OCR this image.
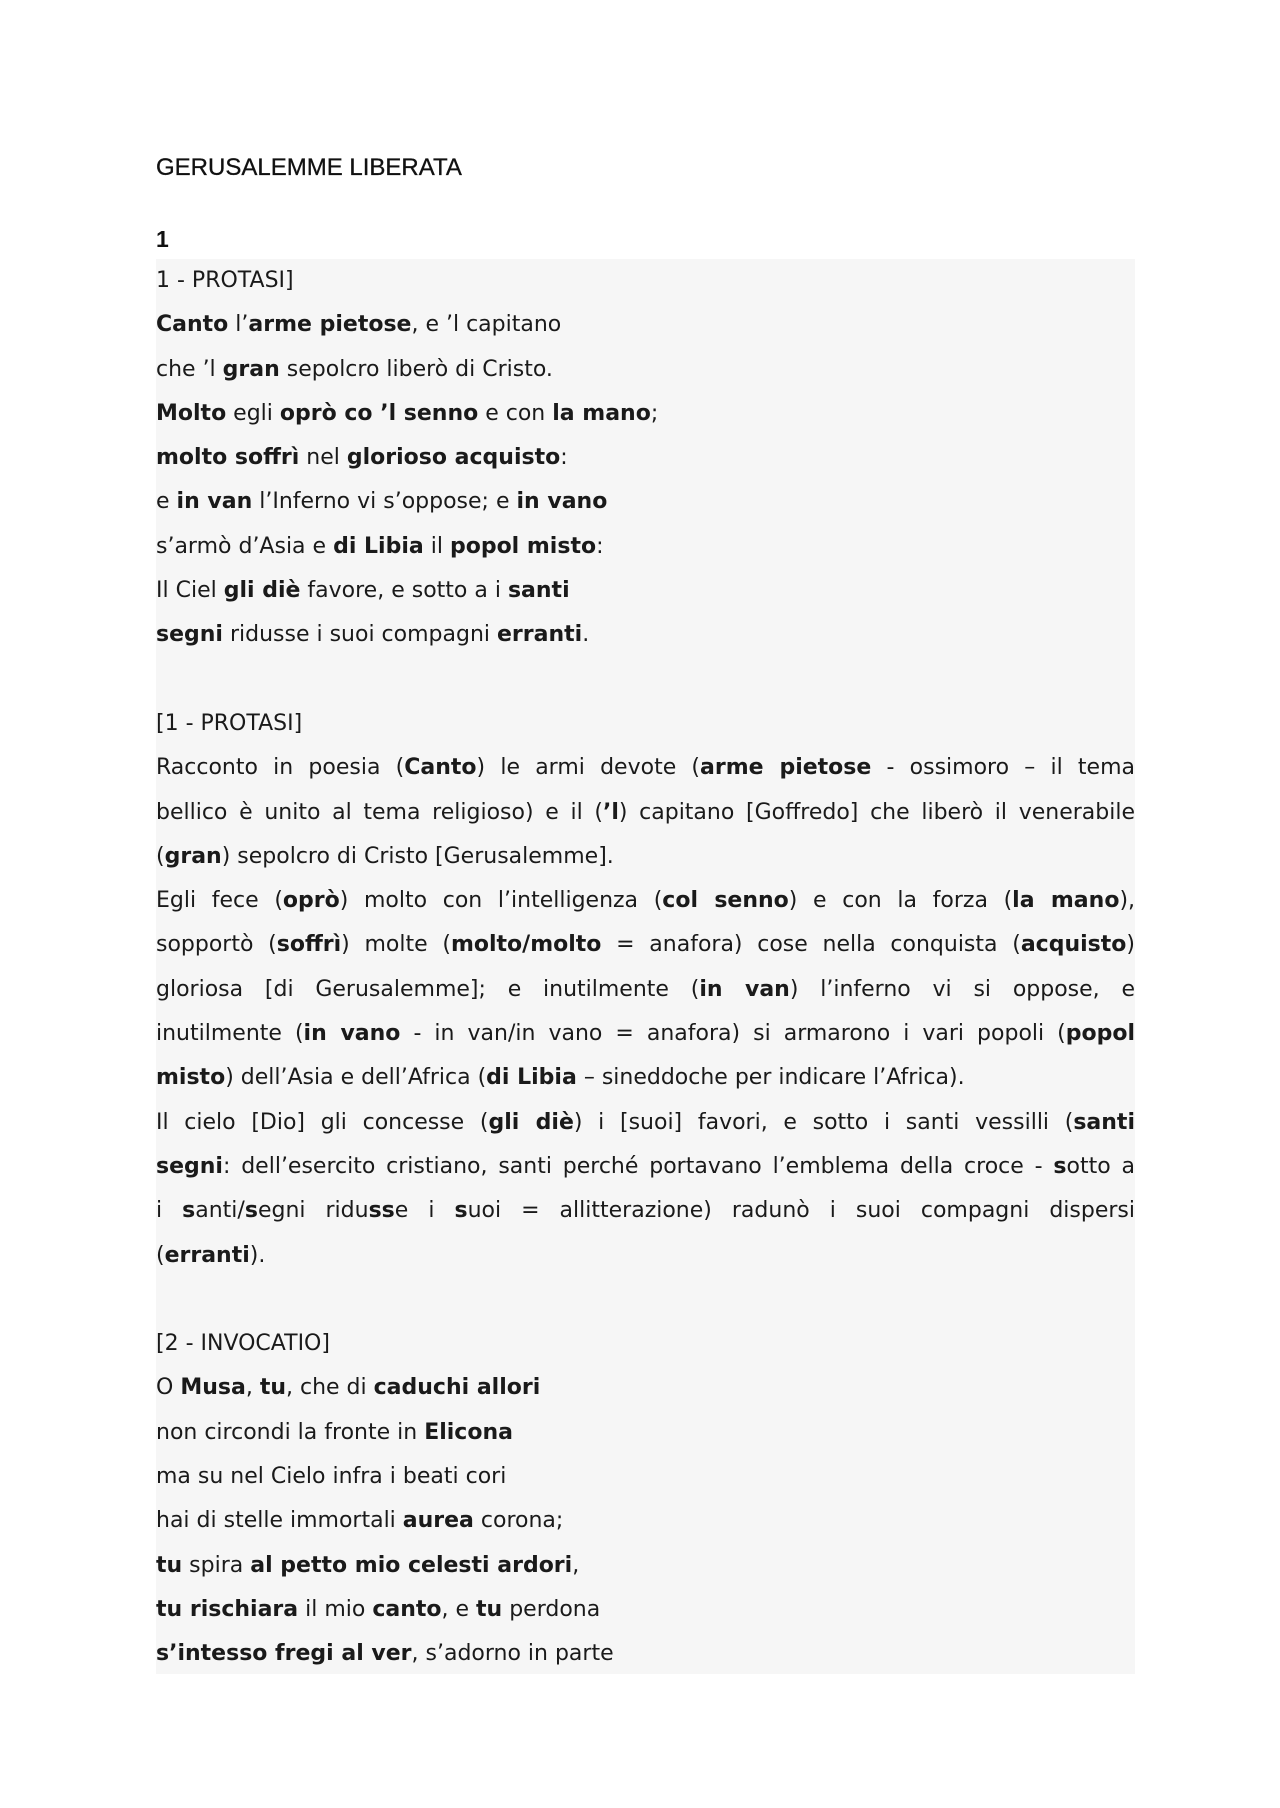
GERUSALEMME LIBERATA
1
1 - PROTASI]
Canto l’arme pietose, e ’l capitano
che ’l gran sepolcro liberò di Cristo.
Molto egli oprò co ’l senno e con la mano;
molto soffrì nel glorioso acquisto:
e in van l’Inferno vi s’oppose; e in vano
s’armò d’Asia e di Libia il popol misto:
Il Ciel gli diè favore, e sotto a i santi
segni ridusse i suoi compagni erranti.
[1 - PROTASI]
Racconto in poesia (Canto) le armi devote (arme pietose - ossimoro – il tema
bellico è unito al tema religioso) e il (’l) capitano [Goffredo] che liberò il venerabile
(gran) sepolcro di Cristo [Gerusalemme].
Egli fece (oprò) molto con l’intelligenza (col senno) e con la forza (la mano),
sopportò (soffrì) molte (molto/molto = anafora) cose nella conquista (acquisto)
gloriosa [di Gerusalemme]; e inutilmente (in van) l’inferno vi si oppose, e
inutilmente (in vano - in van/in vano = anafora) si armarono i vari popoli (popol
misto) dell’Asia e dell’Africa (di Libia – sineddoche per indicare l’Africa).
Il cielo [Dio] gli concesse (gli diè) i [suoi] favori, e sotto i santi vessilli (santi
segni: dell’esercito cristiano, santi perché portavano l’emblema della croce - sotto a
i santi/segni ridusse i suoi = allitterazione) radunò i suoi compagni dispersi
(erranti).
[2 - INVOCATIO]
O Musa, tu, che di caduchi allori
non circondi la fronte in Elicona
ma su nel Cielo infra i beati cori
hai di stelle immortali aurea corona;
tu spira al petto mio celesti ardori,
tu rischiara il mio canto, e tu perdona
s’intesso fregi al ver, s’adorno in parte
